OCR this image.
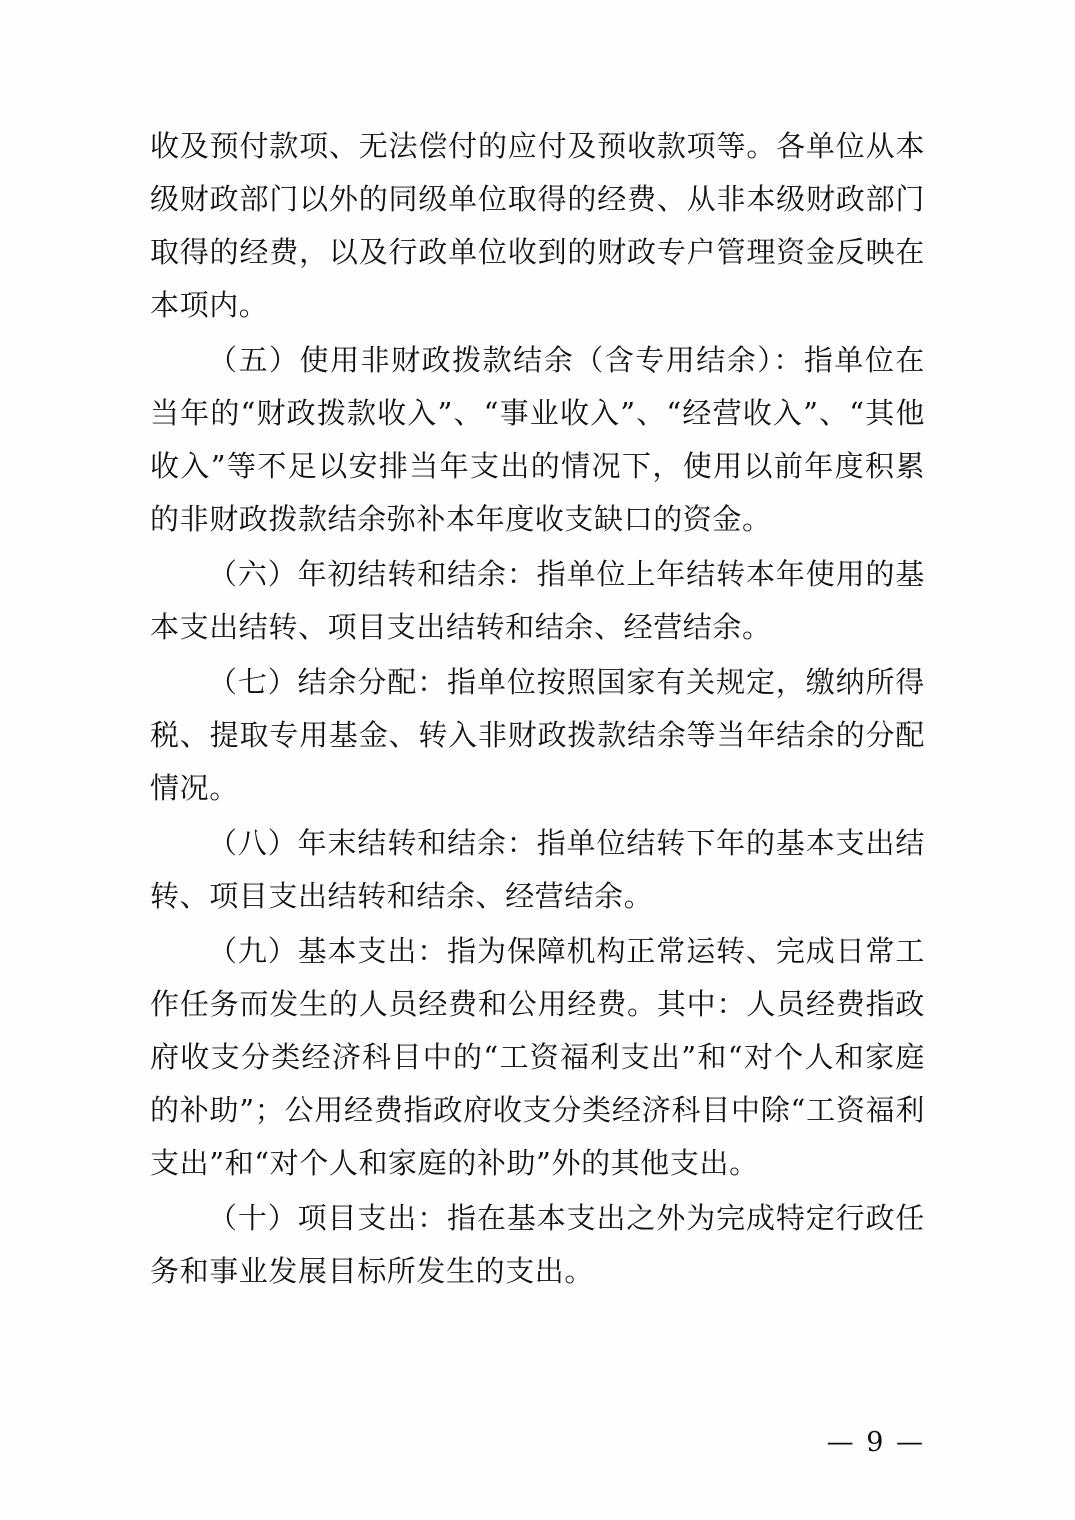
收及预付款项、无法偿付的应付及预收款项等。各单位从本级财政部门以外的同级单位取得的经费、从非本级财政部门取得的经费，以及行政单位收到的财政专户管理资金反映在本项内。

（五）使用非财政拨款结余（含专用结余）：指单位在当年的“财政拨款收入”、“事业收入”、“经营收入”、“其他收入”等不足以安排当年支出的情况下，使用以前年度积累的非财政拨款结余弥补本年度收支缺口的资金。

（六）年初结转和结余：指单位上年结转本年使用的基本支出结转、项目支出结转和结余、经营结余。

（七）结余分配：指单位按照国家有关规定，缴纳所得税、提取专用基金、转入非财政拨款结余等当年结余的分配情况。

（八）年末结转和结余：指单位结转下年的基本支出结转、项目支出结转和结余、经营结余。

（九）基本支出：指为保障机构正常运转、完成日常工作任务而发生的人员经费和公用经费。其中：人员经费指政府收支分类经济科目中的“工资福利支出”和“对个人和家庭的补助”；公用经费指政府收支分类经济科目中除“工资福利支出”和“对个人和家庭的补助”外的其他支出。

（十）项目支出：指在基本支出之外为完成特定行政任务和事业发展目标所发生的支出。

— 9 —
